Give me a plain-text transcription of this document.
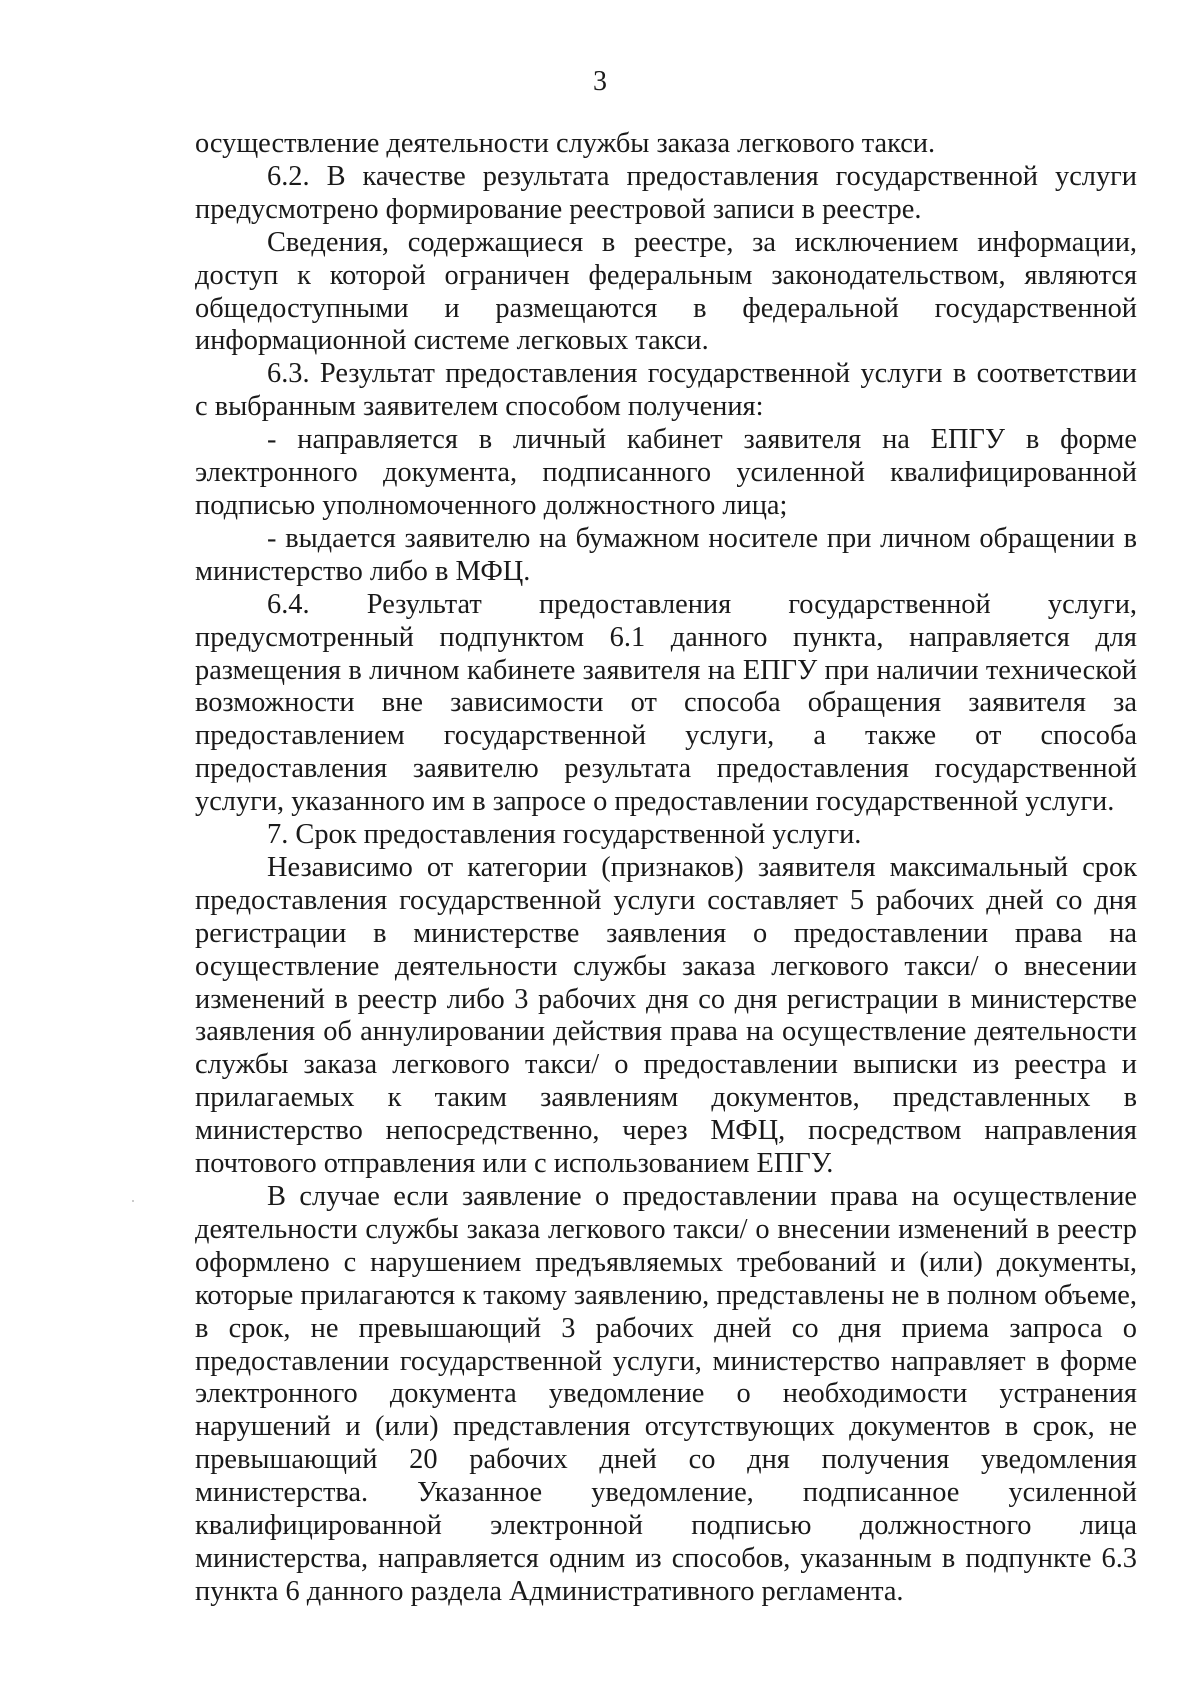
3

осуществление деятельности службы заказа легкового такси.

6.2. В качестве результата предоставления государственной услуги предусмотрено формирование реестровой записи в реестре.

Сведения, содержащиеся в реестре, за исключением информации, доступ к которой ограничен федеральным законодательством, являются общедоступными и размещаются в федеральной государственной информационной системе легковых такси.

6.3. Результат предоставления государственной услуги в соответствии с выбранным заявителем способом получения:

- направляется в личный кабинет заявителя на ЕПГУ в форме электронного документа, подписанного усиленной квалифицированной подписью уполномоченного должностного лица;

- выдается заявителю на бумажном носителе при личном обращении в министерство либо в МФЦ.

6.4. Результат предоставления государственной услуги, предусмотренный подпунктом 6.1 данного пункта, направляется для размещения в личном кабинете заявителя на ЕПГУ при наличии технической возможности вне зависимости от способа обращения заявителя за предоставлением государственной услуги, а также от способа предоставления заявителю результата предоставления государственной услуги, указанного им в запросе о предоставлении государственной услуги.

7. Срок предоставления государственной услуги.

Независимо от категории (признаков) заявителя максимальный срок предоставления государственной услуги составляет 5 рабочих дней со дня регистрации в министерстве заявления о предоставлении права на осуществление деятельности службы заказа легкового такси/ о внесении изменений в реестр либо 3 рабочих дня со дня регистрации в министерстве заявления об аннулировании действия права на осуществление деятельности службы заказа легкового такси/ о предоставлении выписки из реестра и прилагаемых к таким заявлениям документов, представленных в министерство непосредственно, через МФЦ, посредством направления почтового отправления или с использованием ЕПГУ.

В случае если заявление о предоставлении права на осуществление деятельности службы заказа легкового такси/ о внесении изменений в реестр оформлено с нарушением предъявляемых требований и (или) документы, которые прилагаются к такому заявлению, представлены не в полном объеме, в срок, не превышающий 3 рабочих дней со дня приема запроса о предоставлении государственной услуги, министерство направляет в форме электронного документа уведомление о необходимости устранения нарушений и (или) представления отсутствующих документов в срок, не превышающий 20 рабочих дней со дня получения уведомления министерства. Указанное уведомление, подписанное усиленной квалифицированной электронной подписью должностного лица министерства, направляется одним из способов, указанным в подпункте 6.3 пункта 6 данного раздела Административного регламента.
